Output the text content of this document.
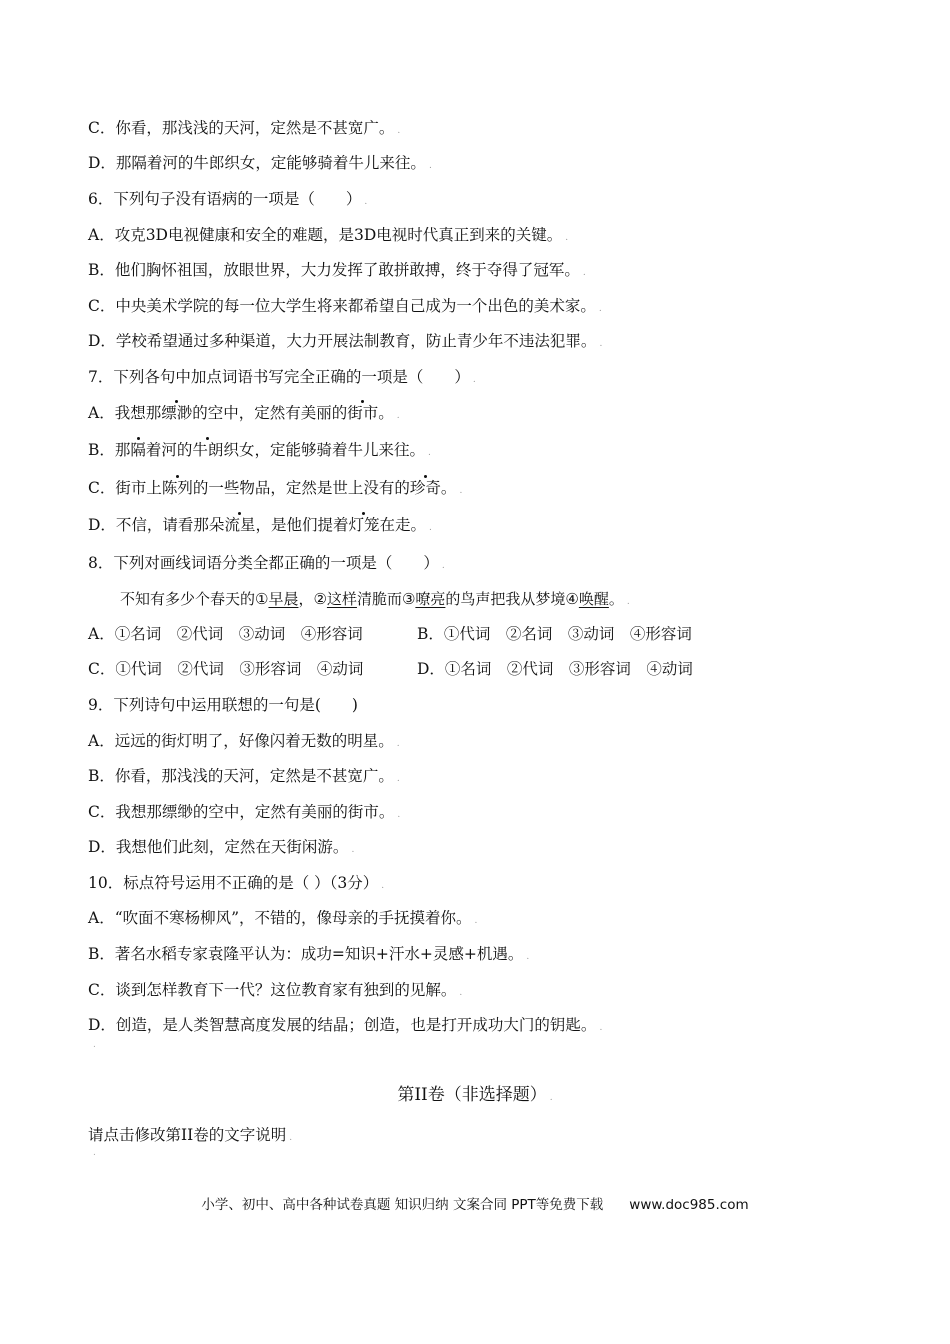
C．你看，那浅浅的天河，定然是不甚宽广。 .
D．那隔着河的牛郎织女，定能够骑着牛儿来往。 .
6．下列句子没有语病的一项是（　　） .
A．攻克3D电视健康和安全的难题，是3D电视时代真正到来的关键。 .
B．他们胸怀祖国，放眼世界，大力发挥了敢拼敢搏，终于夺得了冠军。 .
C．中央美术学院的每一位大学生将来都希望自己成为一个出色的美术家。 .
D．学校希望通过多种渠道，大力开展法制教育，防止青少年不违法犯罪。 .
7．下列各句中加点词语书写完全正确的一项是（　　） .
A．我想那缥渺的空中，定然有美丽的街市。 .
B．那隔着河的牛朗织女，定能够骑着牛儿来往。 .
C．街市上陈列的一些物品，定然是世上没有的珍奇。 .
D．不信，请看那朵流星，是他们提着灯笼在走。 .
8．下列对画线词语分类全都正确的一项是（　　） .
不知有多少个春天的①早晨，②这样清脆而③嘹亮的鸟声把我从梦境④唤醒。 .
A．①名词　②代词　③动词　④形容词	B．①代词　②名词　③动词　④形容词
C．①代词　②代词　③形容词　④动词	D．①名词　②代词　③形容词　④动词
9．下列诗句中运用联想的一句是(　　)
A．远远的街灯明了，好像闪着无数的明星。 .
B．你看，那浅浅的天河，定然是不甚宽广。 .
C．我想那缥缈的空中，定然有美丽的街市。 .
D．我想他们此刻，定然在天街闲游。 .
10．标点符号运用不正确的是（ ）（3分） .
A．“吹面不寒杨柳风”，不错的，像母亲的手抚摸着你。 .
B．著名水稻专家袁隆平认为：成功=知识+汗水+灵感+机遇。 .
C．谈到怎样教育下一代？这位教育家有独到的见解。 .
D．创造，是人类智慧高度发展的结晶；创造，也是打开成功大门的钥匙。 .
.
第II卷（非选择题） .
请点击修改第II卷的文字说明 .
.
小学、初中、高中各种试卷真题 知识归纳 文案合同 PPT等免费下载 www.doc985.com
